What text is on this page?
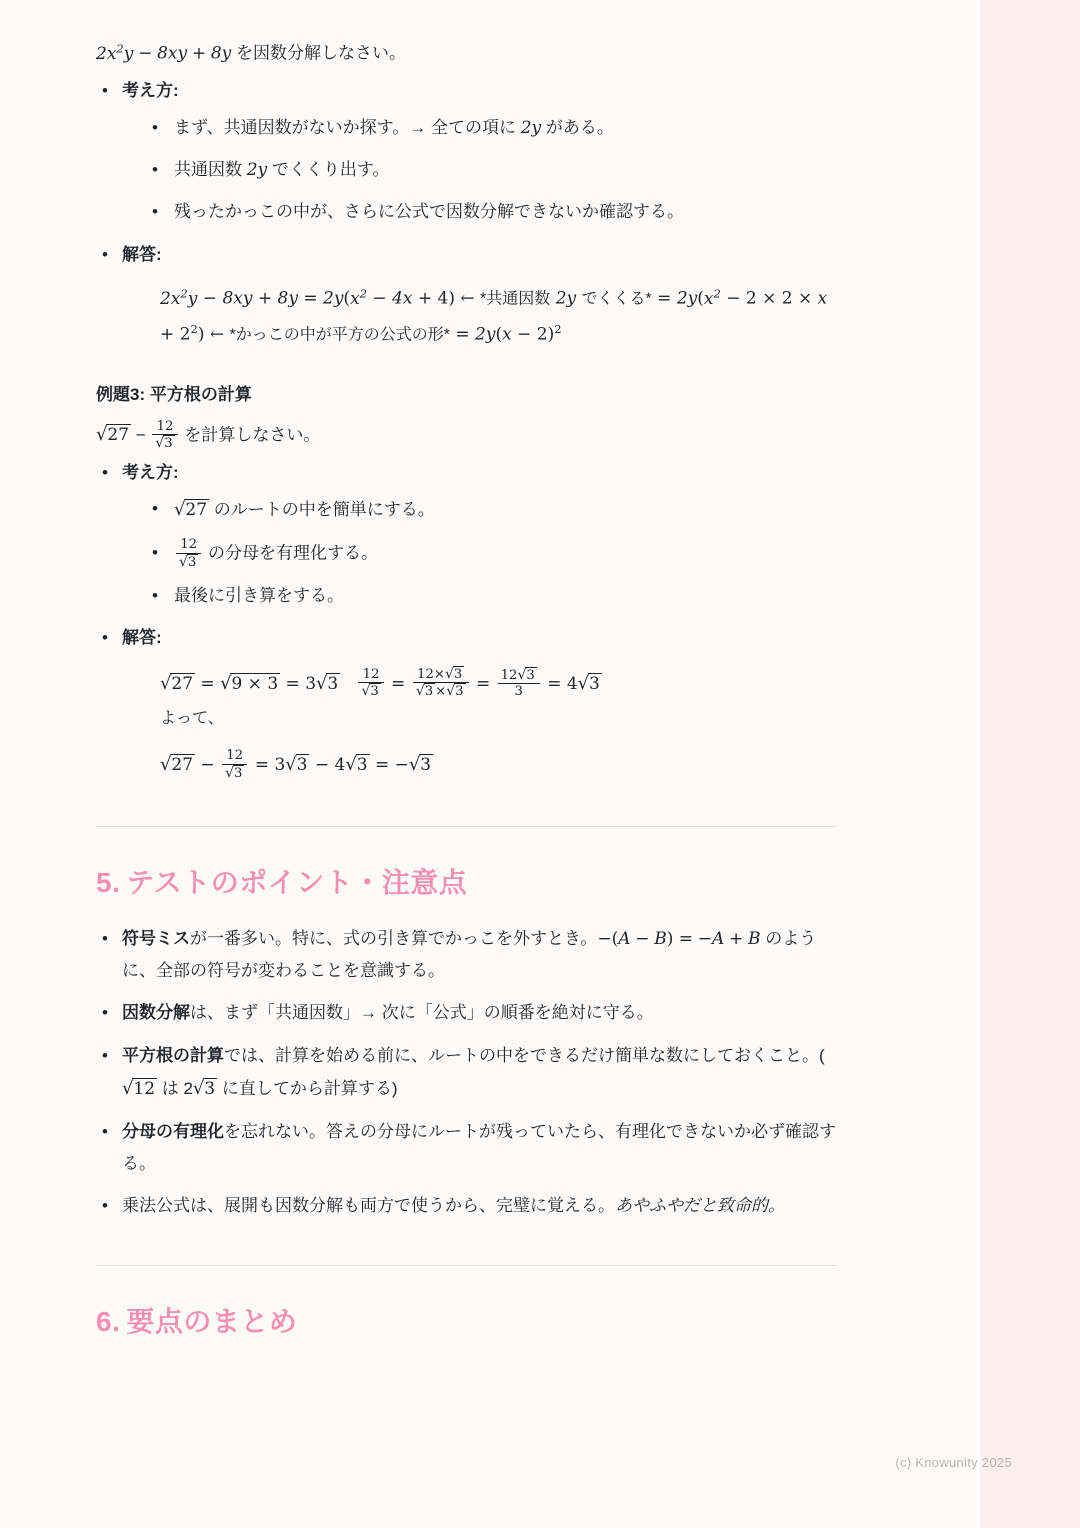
$2x^2y - 8xy + 8y$ を因数分解しなさい。

• 考え方:
• まず、共通因数がないか探す。→ 全ての項に 2y がある。
• 共通因数 2y でくくり出す。
• 残ったかっこの中が、さらに公式で因数分解できないか確認する。
• 解答:
$2x^2y - 8xy + 8y = 2y(x^2 - 4x + 4)$ ← *共通因数 2y でくくる* = $2y(x^2 - 2 \times 2 \times x + 2^2)$ ← *かっこの中が平方の公式の形* = $2y(x - 2)^2$
例題3: 平方根の計算

$√27 - \frac{12}{√3}$ を計算しなさい。

• 考え方:
• √27 のルートの中を簡単にする。
• $\frac{12}{√3}$ の分母を有理化する。
• 最後に引き算をする。
• 解答:
$√27 = √9 \times 3 = 3√3 \frac{12}{√3} = \frac{12\times√3}{√3 \times√3} = \frac{12√3}{3} = 4√3$
よって、
$√27 - \frac{12}{√3} = 3√3 - 4√3 = -√3$
5. テストのポイント・注意点
• 符号ミスが一番多い。特に、式の引き算でかっこを外すとき。−(A − B) = −A + B のように、全部の符号が変わることを意識する。
• 因数分解は、まず「共通因数」→ 次に「公式」の順番を絶対に守る。
• 平方根の計算では、計算を始める前に、ルートの中をできるだけ簡単な数にしておくこと。(√12 は 2√3 に直してから計算する)
• 分母の有理化を忘れない。答えの分母にルートが残っていたら、有理化できないか必ず確認する。
• 乗法公式は、展開も因数分解も両方で使うから、完璧に覚える。あやふやだと致命的。
6. 要点のまとめ
(c) Knowunity 2025
